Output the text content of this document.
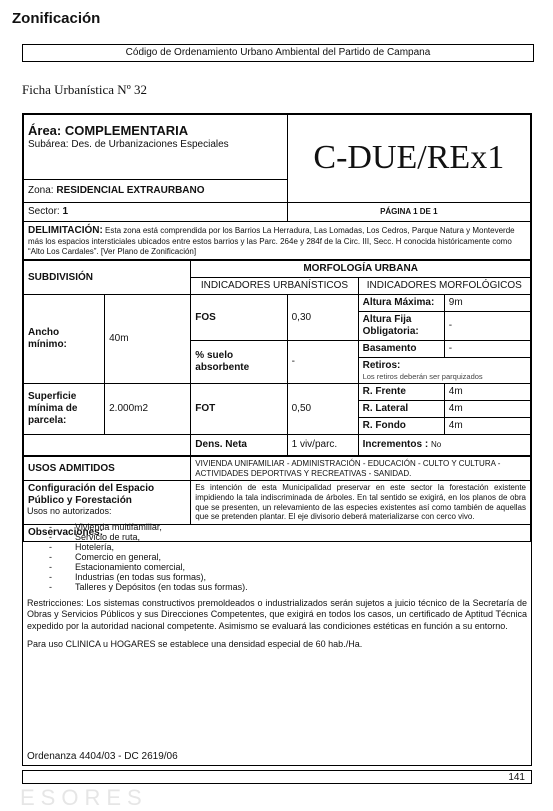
Zonificación
Código de Ordenamiento Urbano Ambiental del Partido de Campana
Ficha Urbanística Nº 32
Área: COMPLEMENTARIA
Subárea: Des. de Urbanizaciones Especiales	C-DUE/REx1
Zona: RESIDENCIAL EXTRAURBANO	
Sector: 1	PÁGINA 1 DE 1
DELIMITACIÓN: Esta zona está comprendida por los Barrios La Herradura, Las Lomadas, Los Cedros, Parque Natura y Monteverde más los espacios intersticiales ubicados entre estos barrios y las Parc. 264e y 284f de la Circ. III, Secc. H conocida históricamente como “Alto Los Cardales”. [Ver Plano de Zonificación]	
SUBDIVISIÓN		MORFOLOGÍA URBANA			
		INDICADORES URBANÍSTICOS		INDICADORES MORFOLÓGICOS	
Ancho mínimo:	40m	FOS	0,30	Altura Máxima:	9m
				Altura Fija Obligatoria:	-
		% suelo absorbente	-	Basamento	-

				Retiros:
Los retiros deberán ser parquizados	

Superficie mínima de parcela:	2.000m2	FOT	0,50	R. Frente	4m
				R. Lateral	4m
				R. Fondo	4m
		Dens. Neta	1 viv/parc.	Incrementos : No	
USOS ADMITIDOS	VIVIENDA UNIFAMILIAR - ADMINISTRACIÓN - EDUCACIÓN - CULTO Y CULTURA - ACTIVIDADES DEPORTIVAS Y RECREATIVAS - SANIDAD.
Configuración del Espacio Público y Forestación	Es intención de esta Municipalidad preservar en este sector la forestación existente impidiendo la tala indiscriminada de árboles. En tal sentido se exigirá, en los planos de obra que se presenten, un relevamiento de las especies existentes así como también de aquellas que se pretenden plantar. El eje divisorio deberá materializarse con cerco vivo.
Observaciones:	

Usos no autorizados:

- Vivienda multifamiliar,
- Servicio de ruta,
- Hotelería,
- Comercio en general,
- Estacionamiento comercial,
- Industrias (en todas sus formas),
- Talleres y Depósitos (en todas sus formas).

Restricciones: Los sistemas constructivos premoldeados o industrializados serán sujetos a juicio técnico de la Secretaría de Obras y Servicios Públicos y sus Direcciones Competentes, que exigirá en todos los casos, un certificado de Aptitud Técnica expedido por la autoridad nacional competente. Asimismo se evaluará las condiciones estéticas en función a su entorno.

Para uso CLINICA u HOGARES se establece una densidad especial de 60 hab./Ha.

Ordenanza 4404/03 - DC 2619/06

141
ESORES
